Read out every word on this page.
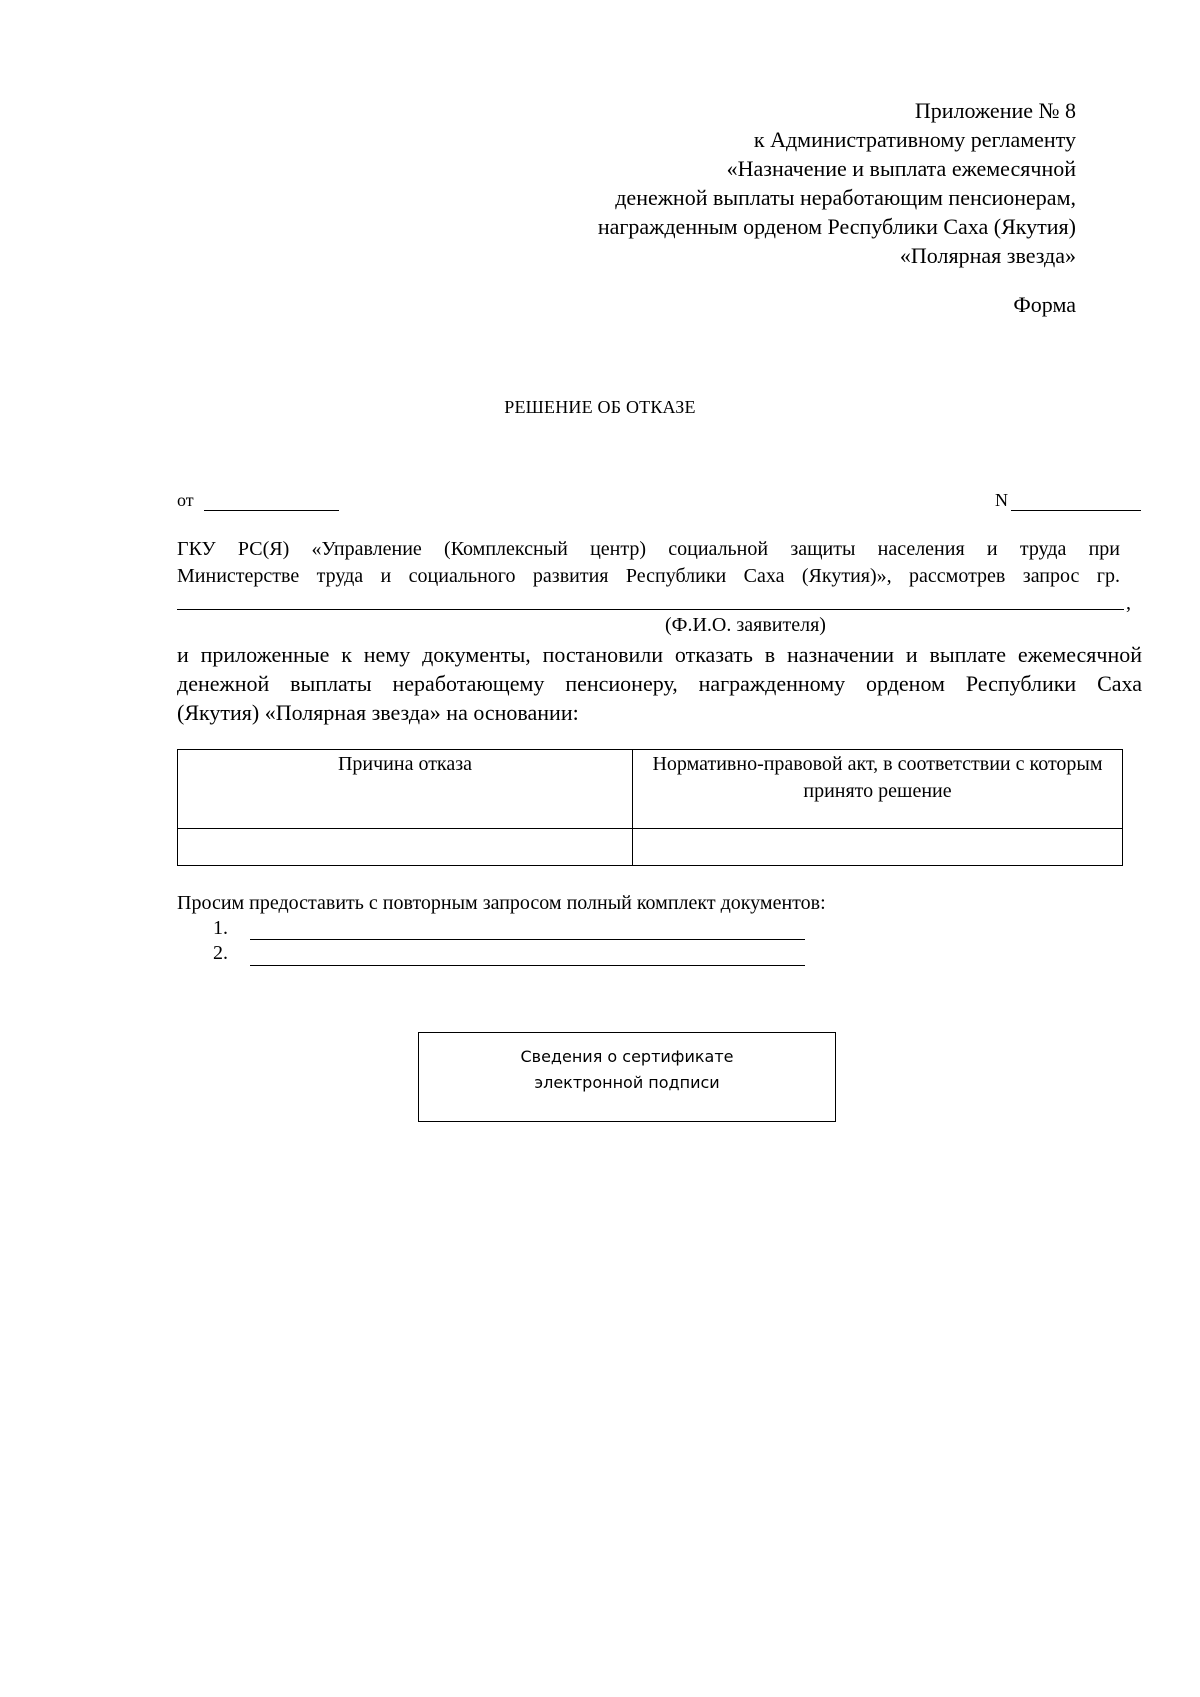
Приложение № 8
к Административному регламенту
«Назначение и выплата ежемесячной
денежной выплаты неработающим пенсионерам,
награжденным орденом Республики Саха (Якутия)
«Полярная звезда»
Форма
РЕШЕНИЕ ОБ ОТКАЗЕ
от	N
ГКУ РС(Я) «Управление (Комплексный центр) социальной защиты населения и труда при
Министерстве труда и социального развития Республики Саха (Якутия)», рассмотрев запрос гр.
,
(Ф.И.О. заявителя)
и приложенные к нему документы, постановили отказать в назначении и выплате ежемесячной
денежной выплаты неработающему пенсионеру, награжденному орденом Республики Саха
(Якутия) «Полярная звезда» на основании:
Причина отказа	Нормативно-правовой акт, в соответствии с которым принято решение

Просим предоставить с повторным запросом полный комплект документов:
1.
2.
Сведения о сертификате
электронной подписи
